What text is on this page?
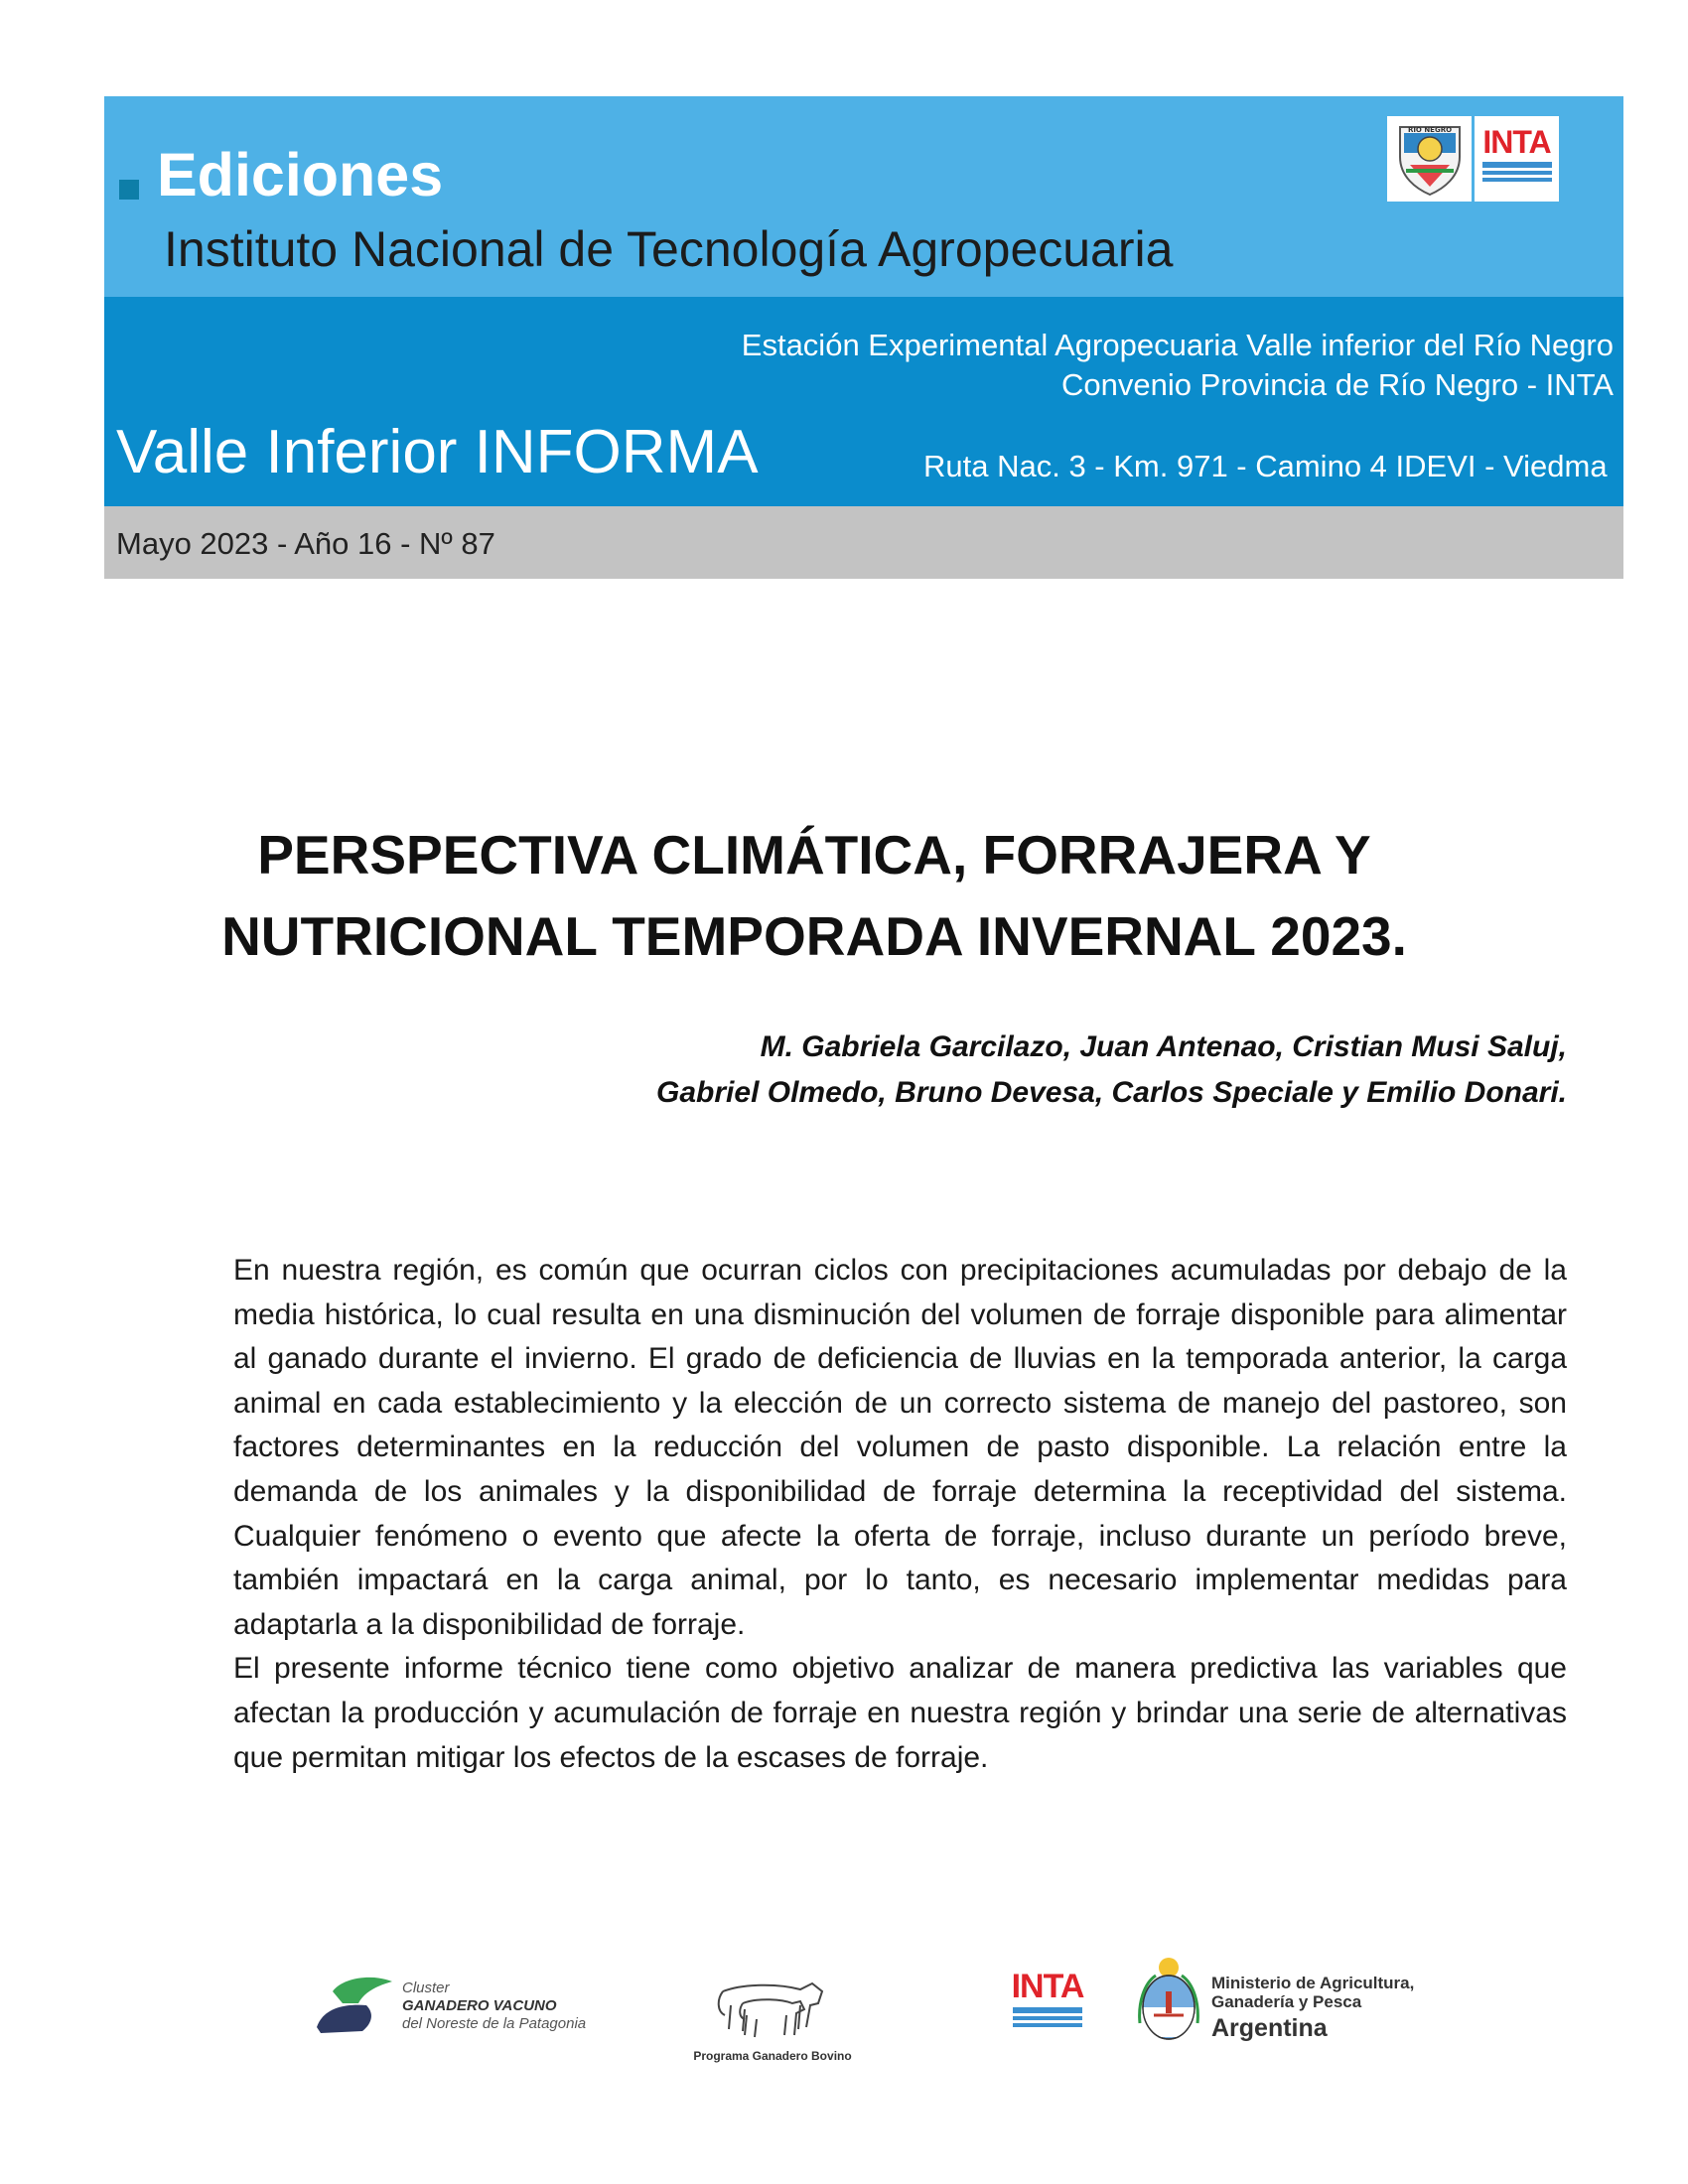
Ediciones
Instituto Nacional de Tecnología Agropecuaria
RIO NEGRO INTA
Estación Experimental Agropecuaria Valle inferior del Río Negro
Convenio Provincia de Río Negro - INTA
Valle Inferior INFORMA	Ruta Nac. 3 - Km. 971 - Camino 4 IDEVI - Viedma
Mayo 2023 - Año 16 - Nº 87
PERSPECTIVA CLIMÁTICA, FORRAJERA Y
NUTRICIONAL TEMPORADA INVERNAL 2023.
M. Gabriela Garcilazo, Juan Antenao, Cristian Musi Saluj,
Gabriel Olmedo, Bruno Devesa, Carlos Speciale y Emilio Donari.

En nuestra región, es común que ocurran ciclos con precipitaciones acumuladas por debajo de la media histórica, lo cual resulta en una disminución del volumen de forraje disponible para alimentar al ganado durante el invierno. El grado de deficiencia de lluvias en la temporada anterior, la carga animal en cada establecimiento y la elección de un correcto sistema de manejo del pastoreo, son factores determinantes en la reducción del volumen de pasto disponible. La relación entre la demanda de los animales y la disponibilidad de forraje determina la receptividad del sistema. Cualquier fenómeno o evento que afecte la oferta de forraje, incluso durante un período breve, también impactará en la carga animal, por lo tanto, es necesario implementar medidas para adaptarla a la disponibilidad de forraje.

El presente informe técnico tiene como objetivo analizar de manera predictiva las variables que afectan la producción y acumulación de forraje en nuestra región y brindar una serie de alternativas que permitan mitigar los efectos de la escases de forraje.

Cluster
GANADERO VACUNO
del Noreste de la Patagonia
Programa Ganadero Bovino
INTA	Ministerio de Agricultura,
Ganadería y Pesca
Argentina
